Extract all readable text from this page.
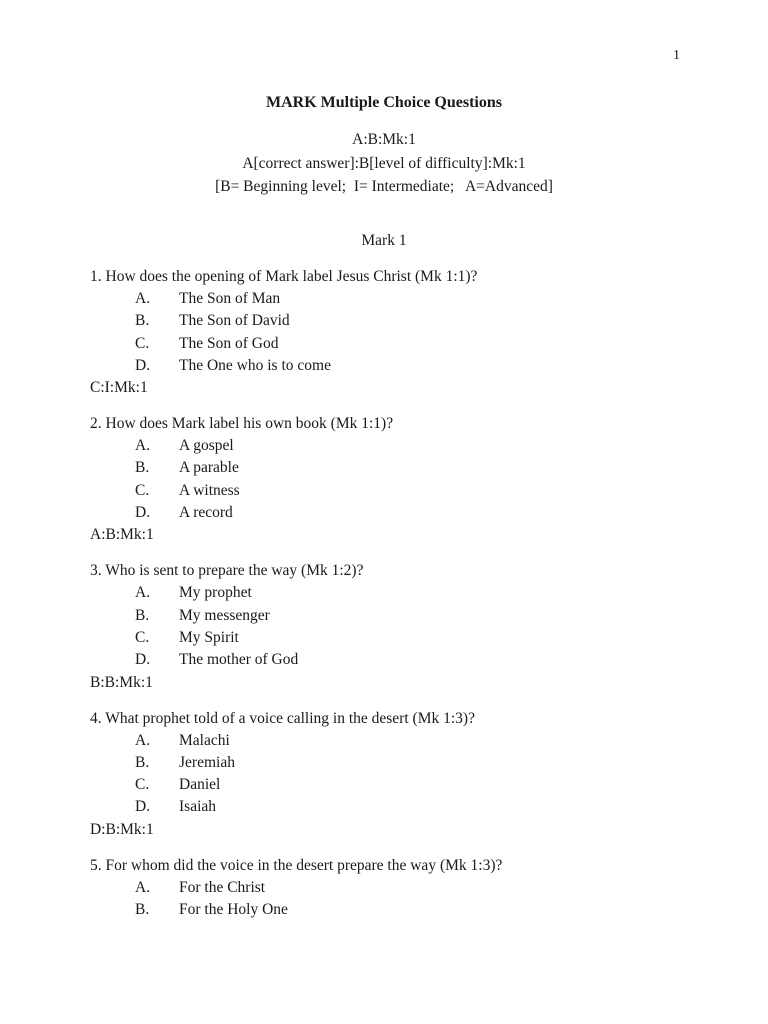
1
MARK Multiple Choice Questions
A:B:Mk:1
A[correct answer]:B[level of difficulty]:Mk:1
[B= Beginning level;  I= Intermediate;   A=Advanced]
Mark 1
1. How does the opening of Mark label Jesus Christ (Mk 1:1)?
A.	The Son of Man
B.	The Son of David
C.	The Son of God
D.	The One who is to come
C:I:Mk:1
2. How does Mark label his own book (Mk 1:1)?
A.	A gospel
B.	A parable
C.	A witness
D.	A record
A:B:Mk:1
3. Who is sent to prepare the way (Mk 1:2)?
A.	My prophet
B.	My messenger
C.	My Spirit
D.	The mother of God
B:B:Mk:1
4. What prophet told of a voice calling in the desert (Mk 1:3)?
A.	Malachi
B.	Jeremiah
C.	Daniel
D.	Isaiah
D:B:Mk:1
5. For whom did the voice in the desert prepare the way (Mk 1:3)?
A.	For the Christ
B.	For the Holy One
